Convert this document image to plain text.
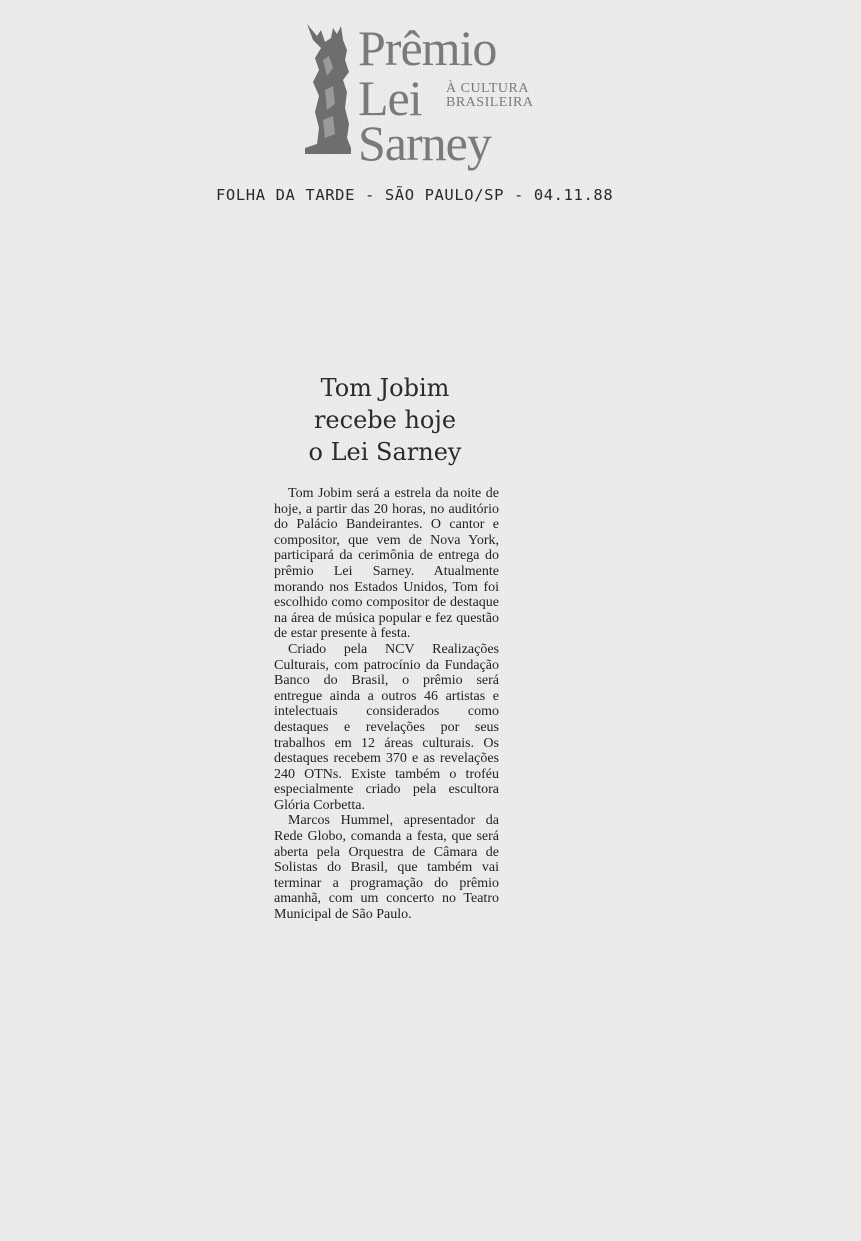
Prêmio
Lei
Sarney
À CULTURA
BRASILEIRA
FOLHA DA TARDE - SÃO PAULO/SP - 04.11.88
Tom Jobim
recebe hoje
o Lei Sarney

Tom Jobim será a estrela da noite de hoje, a partir das 20 horas, no auditório do Palácio Bandeirantes. O cantor e compositor, que vem de Nova York, participará da cerimônia de entrega do prêmio Lei Sarney. Atualmente morando nos Estados Unidos, Tom foi escolhido como compositor de destaque na área de música popular e fez questão de estar presente à festa.

Criado pela NCV Realizações Culturais, com patrocínio da Fundação Banco do Brasil, o prêmio será entregue ainda a outros 46 artistas e intelectuais considerados como destaques e revelações por seus trabalhos em 12 áreas culturais. Os destaques recebem 370 e as revelações 240 OTNs. Existe também o troféu especialmente criado pela escultora Glória Corbetta.

Marcos Hummel, apresentador da Rede Globo, comanda a festa, que será aberta pela Orquestra de Câmara de Solistas do Brasil, que também vai terminar a programação do prêmio amanhã, com um concerto no Teatro Municipal de São Paulo.
